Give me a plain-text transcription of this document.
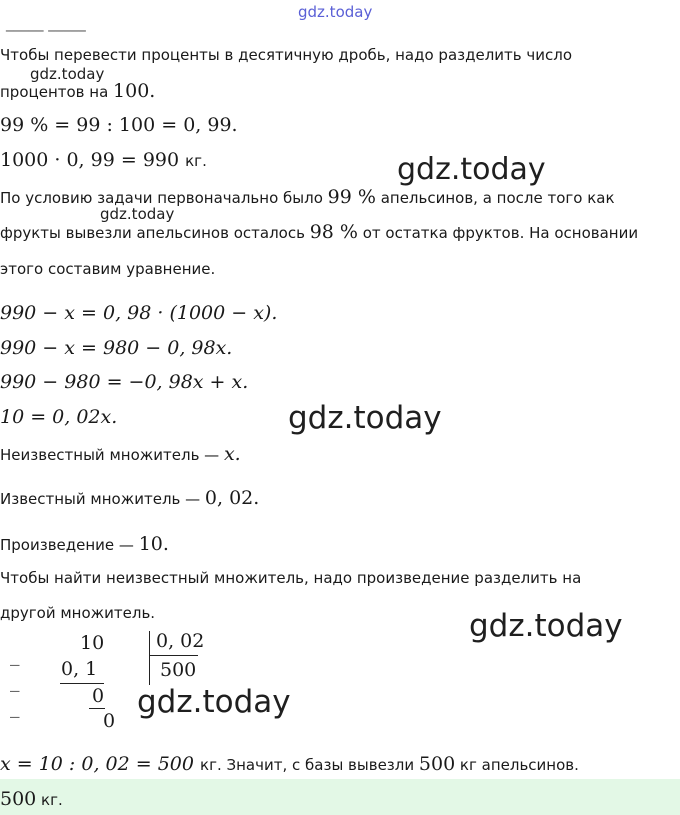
_____ _____
gdz.today
Чтобы перевести проценты в десятичную дробь, надо разделить число
gdz.today
процентов на 100.
99 % = 99 : 100 = 0, 99.
1000 · 0, 99 = 990 кг.	gdz.today
По условию задачи первоначально было 99 % апельсинов, а после того как
gdz.today
фрукты вывезли апельсинов осталось 98 % от остатка фруктов. На основании
этого составим уравнение.
990 − x = 0, 98 · (1000 − x).
990 − x = 980 − 0, 98x.
990 − 980 = −0, 98x + x.
10 = 0, 02x.	gdz.today
Неизвестный множитель — x.
Известный множитель — 0, 02.
Произведение — 10.
Чтобы найти неизвестный множитель, надо произведение разделить на
другой множитель.	gdz.today
_
10	0, 02
500
_
0, 1
_	0
0
gdz.today
x = 10 : 0, 02 = 500 кг. Значит, с базы вывезли 500 кг апельсинов.
500 кг.
